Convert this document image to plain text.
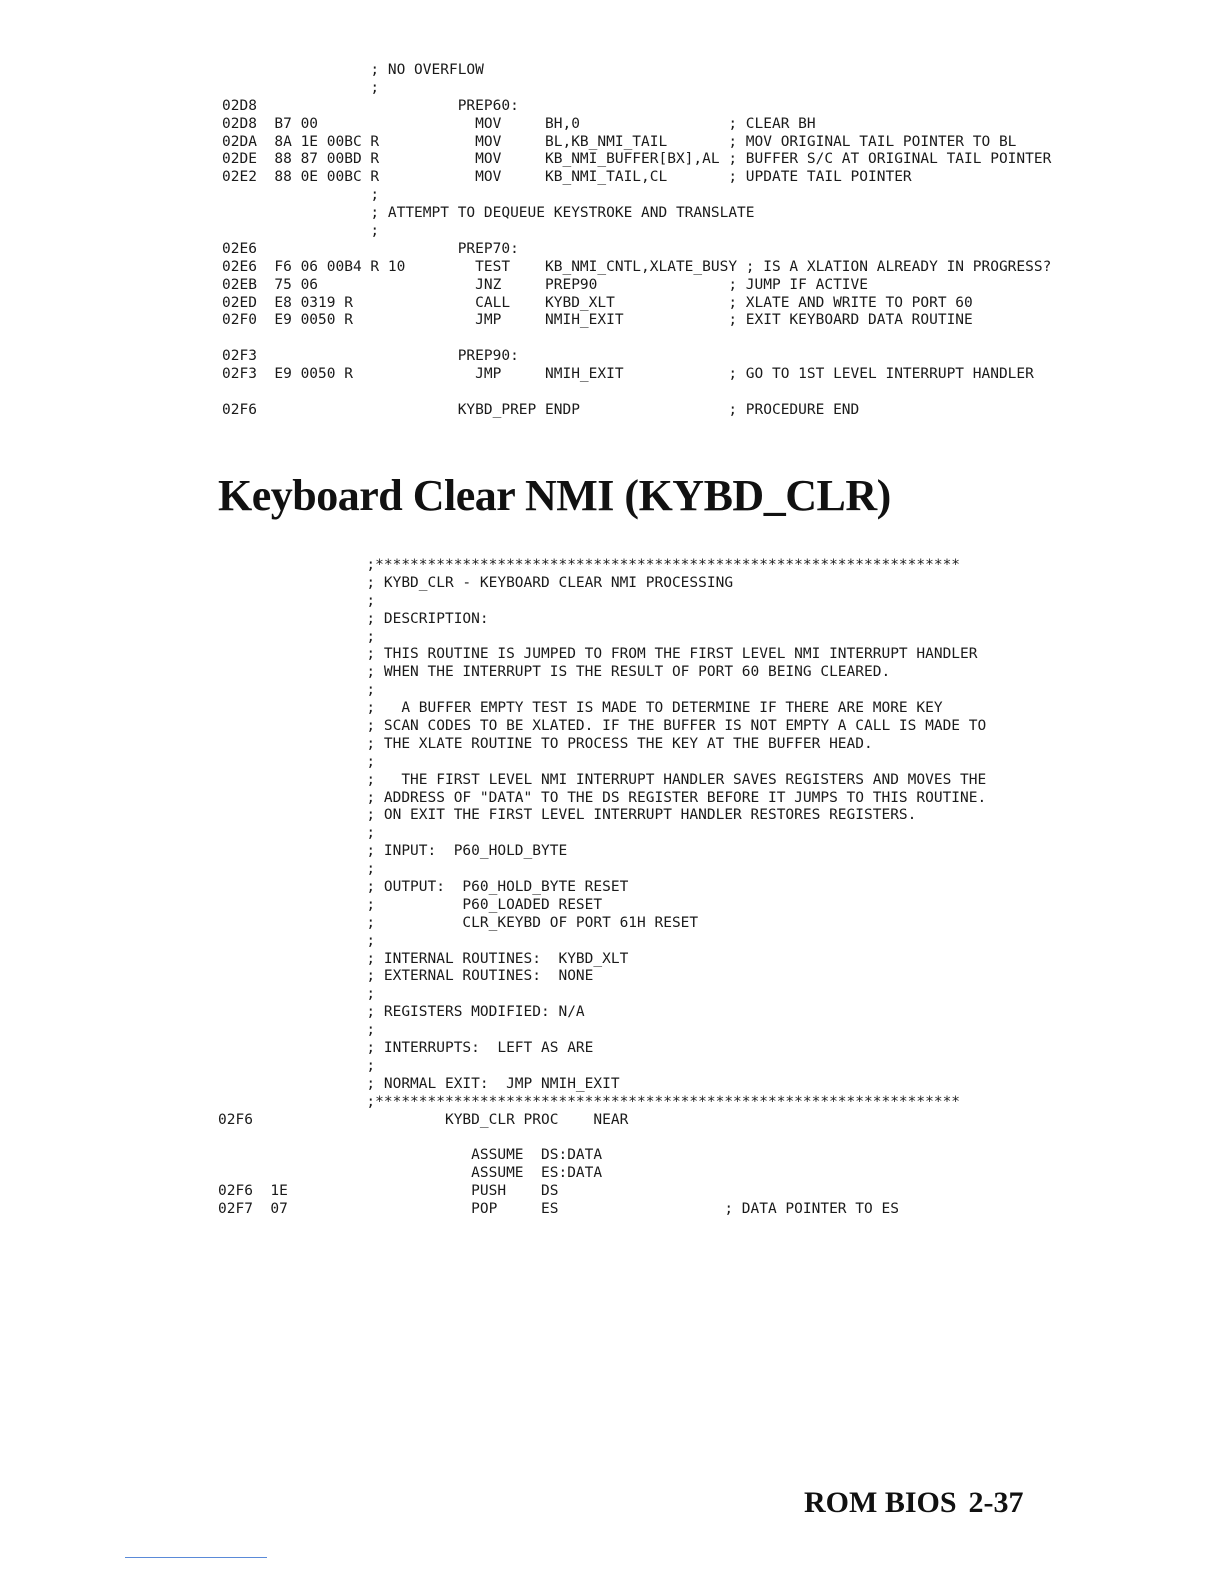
; NO OVERFLOW
;
02D8                       PREP60:
02D8  B7 00                  MOV     BH,0                 ; CLEAR BH
02DA  8A 1E 00BC R           MOV     BL,KB_NMI_TAIL       ; MOV ORIGINAL TAIL POINTER TO BL
02DE  88 87 00BD R           MOV     KB_NMI_BUFFER[BX],AL ; BUFFER S/C AT ORIGINAL TAIL POINTER
02E2  88 0E 00BC R           MOV     KB_NMI_TAIL,CL       ; UPDATE TAIL POINTER
;
; ATTEMPT TO DEQUEUE KEYSTROKE AND TRANSLATE
;
02E6                       PREP70:
02E6  F6 06 00B4 R 10        TEST    KB_NMI_CNTL,XLATE_BUSY ; IS A XLATION ALREADY IN PROGRESS?
02EB  75 06                  JNZ     PREP90               ; JUMP IF ACTIVE
02ED  E8 0319 R              CALL    KYBD_XLT             ; XLATE AND WRITE TO PORT 60
02F0  E9 0050 R              JMP     NMIH_EXIT            ; EXIT KEYBOARD DATA ROUTINE
02F3                       PREP90:
02F3  E9 0050 R              JMP     NMIH_EXIT            ; GO TO 1ST LEVEL INTERRUPT HANDLER
02F6                       KYBD_PREP ENDP                 ; PROCEDURE END
Keyboard Clear NMI (KYBD_CLR)
;*******************************************************************
; KYBD_CLR - KEYBOARD CLEAR NMI PROCESSING
;
; DESCRIPTION:
;
; THIS ROUTINE IS JUMPED TO FROM THE FIRST LEVEL NMI INTERRUPT HANDLER
; WHEN THE INTERRUPT IS THE RESULT OF PORT 60 BEING CLEARED.
;
;   A BUFFER EMPTY TEST IS MADE TO DETERMINE IF THERE ARE MORE KEY
; SCAN CODES TO BE XLATED. IF THE BUFFER IS NOT EMPTY A CALL IS MADE TO
; THE XLATE ROUTINE TO PROCESS THE KEY AT THE BUFFER HEAD.
;
;   THE FIRST LEVEL NMI INTERRUPT HANDLER SAVES REGISTERS AND MOVES THE
; ADDRESS OF "DATA" TO THE DS REGISTER BEFORE IT JUMPS TO THIS ROUTINE.
; ON EXIT THE FIRST LEVEL INTERRUPT HANDLER RESTORES REGISTERS.
;
; INPUT:  P60_HOLD_BYTE
;
; OUTPUT:  P60_HOLD_BYTE RESET
;          P60_LOADED RESET
;          CLR_KEYBD OF PORT 61H RESET
;
; INTERNAL ROUTINES:  KYBD_XLT
; EXTERNAL ROUTINES:  NONE
;
; REGISTERS MODIFIED: N/A
;
; INTERRUPTS:  LEFT AS ARE
;
; NORMAL EXIT:  JMP NMIH_EXIT
;*******************************************************************
02F6                      KYBD_CLR PROC    NEAR
ASSUME  DS:DATA
ASSUME  ES:DATA
02F6  1E                     PUSH    DS
02F7  07                     POP     ES                   ; DATA POINTER TO ES
ROM BIOS 2-37
